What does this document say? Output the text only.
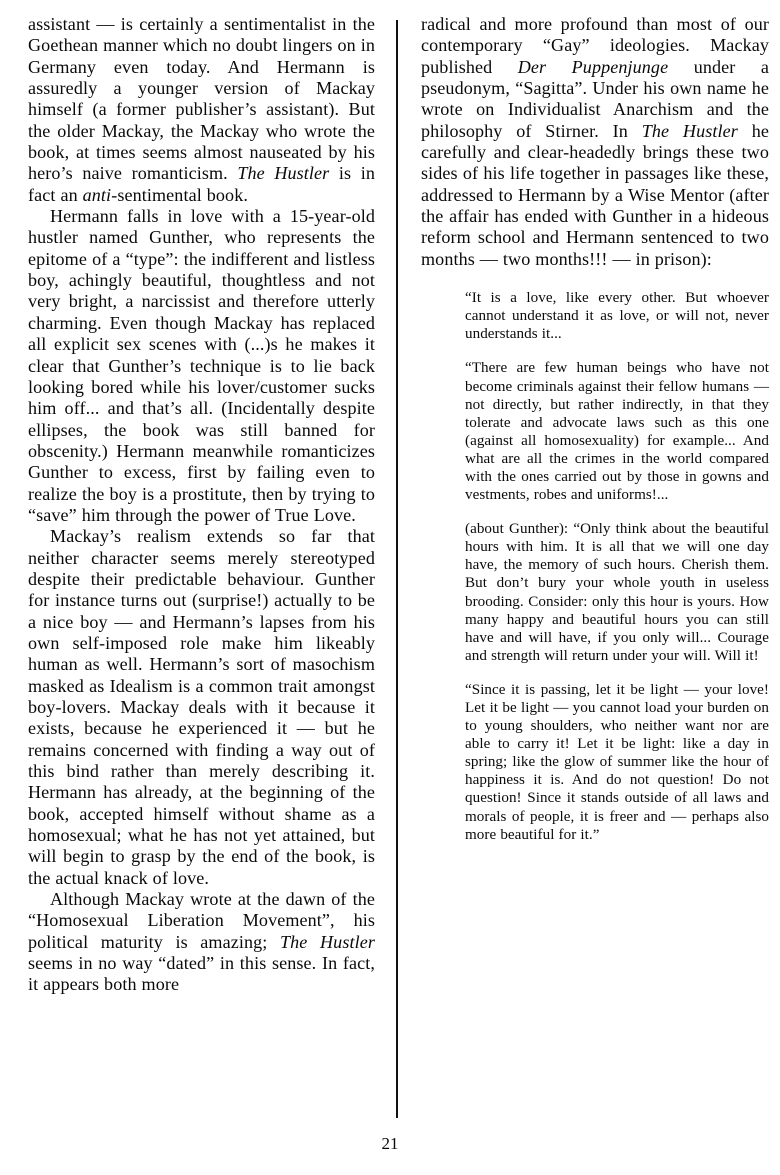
assistant — is certainly a sentimentalist in the Goethean manner which no doubt lingers on in Germany even today. And Hermann is assuredly a younger version of Mackay himself (a former publisher’s assistant). But the older Mackay, the Mackay who wrote the book, at times seems almost nauseated by his hero’s naive romanticism. The Hustler is in fact an anti-sentimental book.

Hermann falls in love with a 15-year-old hustler named Gunther, who represents the epitome of a “type”: the indifferent and listless boy, achingly beautiful, thoughtless and not very bright, a narcissist and therefore utterly charming. Even though Mackay has replaced all explicit sex scenes with (...)s he makes it clear that Gunther’s technique is to lie back looking bored while his lover/customer sucks him off... and that’s all. (Incidentally despite ellipses, the book was still banned for obscenity.) Hermann meanwhile romanticizes Gunther to excess, first by failing even to realize the boy is a prostitute, then by trying to “save” him through the power of True Love.

Mackay’s realism extends so far that neither character seems merely stereotyped despite their predictable behaviour. Gunther for instance turns out (surprise!) actually to be a nice boy — and Hermann’s lapses from his own self-imposed role make him likeably human as well. Hermann’s sort of masochism masked as Idealism is a common trait amongst boy-lovers. Mackay deals with it because it exists, because he experienced it — but he remains concerned with finding a way out of this bind rather than merely describing it. Hermann has already, at the beginning of the book, accepted himself without shame as a homosexual; what he has not yet attained, but will begin to grasp by the end of the book, is the actual knack of love.

Although Mackay wrote at the dawn of the “Homosexual Liberation Movement”, his political maturity is amazing; The Hustler seems in no way “dated” in this sense. In fact, it appears both more

radical and more profound than most of our contemporary “Gay” ideologies. Mackay published Der Puppenjunge under a pseudonym, “Sagitta”. Under his own name he wrote on Individualist Anarchism and the philosophy of Stirner. In The Hustler he carefully and clear-headedly brings these two sides of his life together in passages like these, addressed to Hermann by a Wise Mentor (after the affair has ended with Gunther in a hideous reform school and Hermann sentenced to two months — two months!!! — in prison):

“It is a love, like every other. But whoever cannot understand it as love, or will not, never understands it...

“There are few human beings who have not become criminals against their fellow humans — not directly, but rather indirectly, in that they tolerate and advocate laws such as this one (against all homosexuality) for example... And what are all the crimes in the world compared with the ones carried out by those in gowns and vestments, robes and uniforms!...

(about Gunther): “Only think about the beautiful hours with him. It is all that we will one day have, the memory of such hours. Cherish them. But don’t bury your whole youth in useless brooding. Consider: only this hour is yours. How many happy and beautiful hours you can still have and will have, if you only will... Courage and strength will return under your will. Will it!

“Since it is passing, let it be light — your love! Let it be light — you cannot load your burden on to young shoulders, who neither want nor are able to carry it! Let it be light: like a day in spring; like the glow of summer like the hour of happiness it is. And do not question! Do not question! Since it stands outside of all laws and morals of people, it is freer and — perhaps also more beautiful for it.”

21
